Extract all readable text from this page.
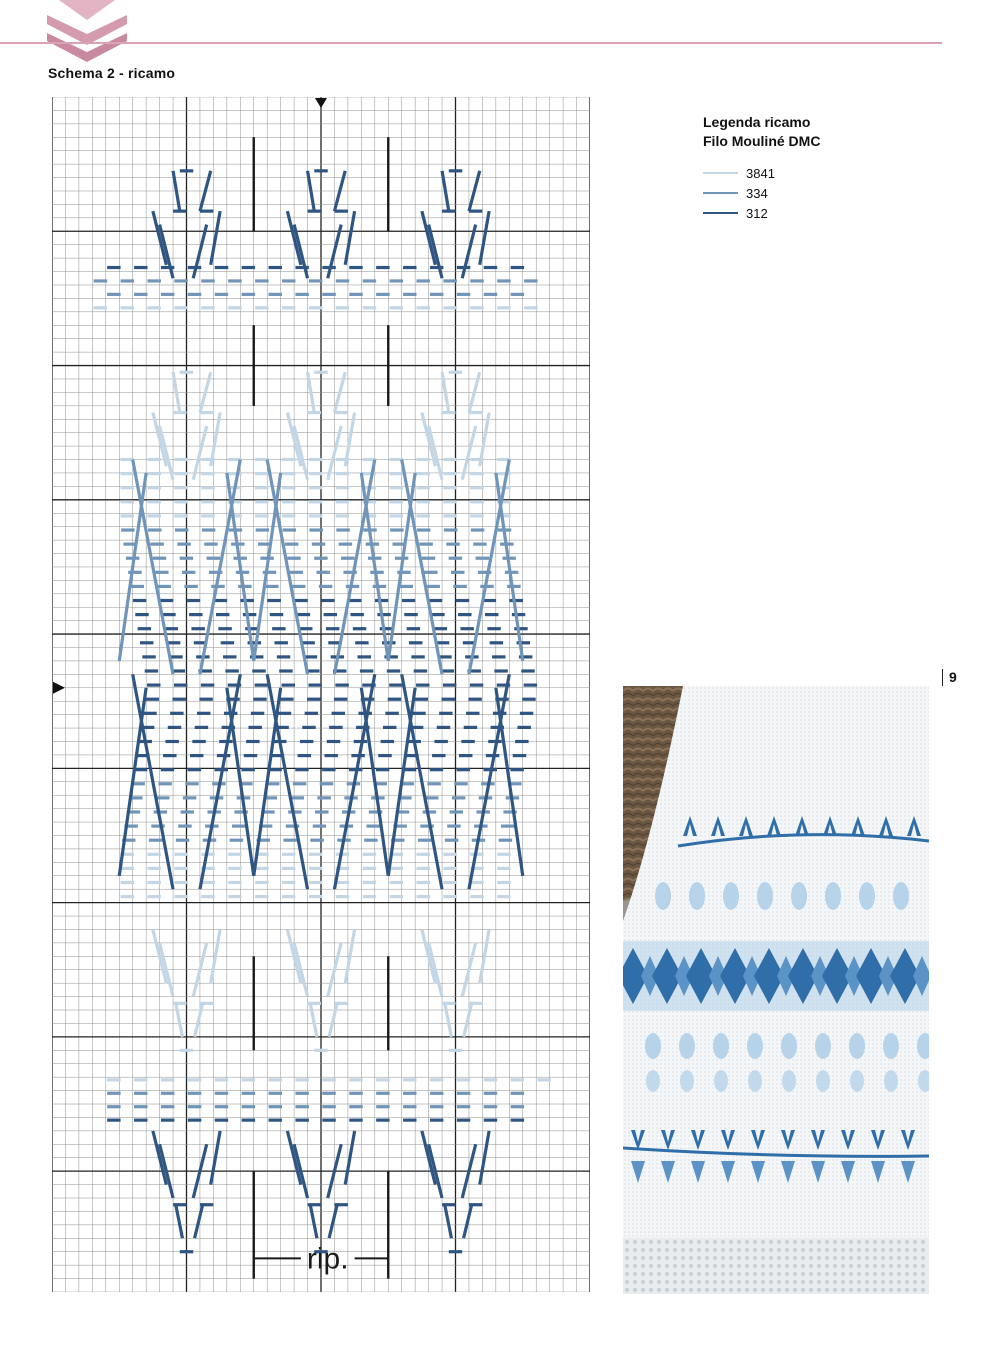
Schema 2 - ricamo
rip.
Legenda ricamo
Filo Mouliné DMC
3841
334
312
9
